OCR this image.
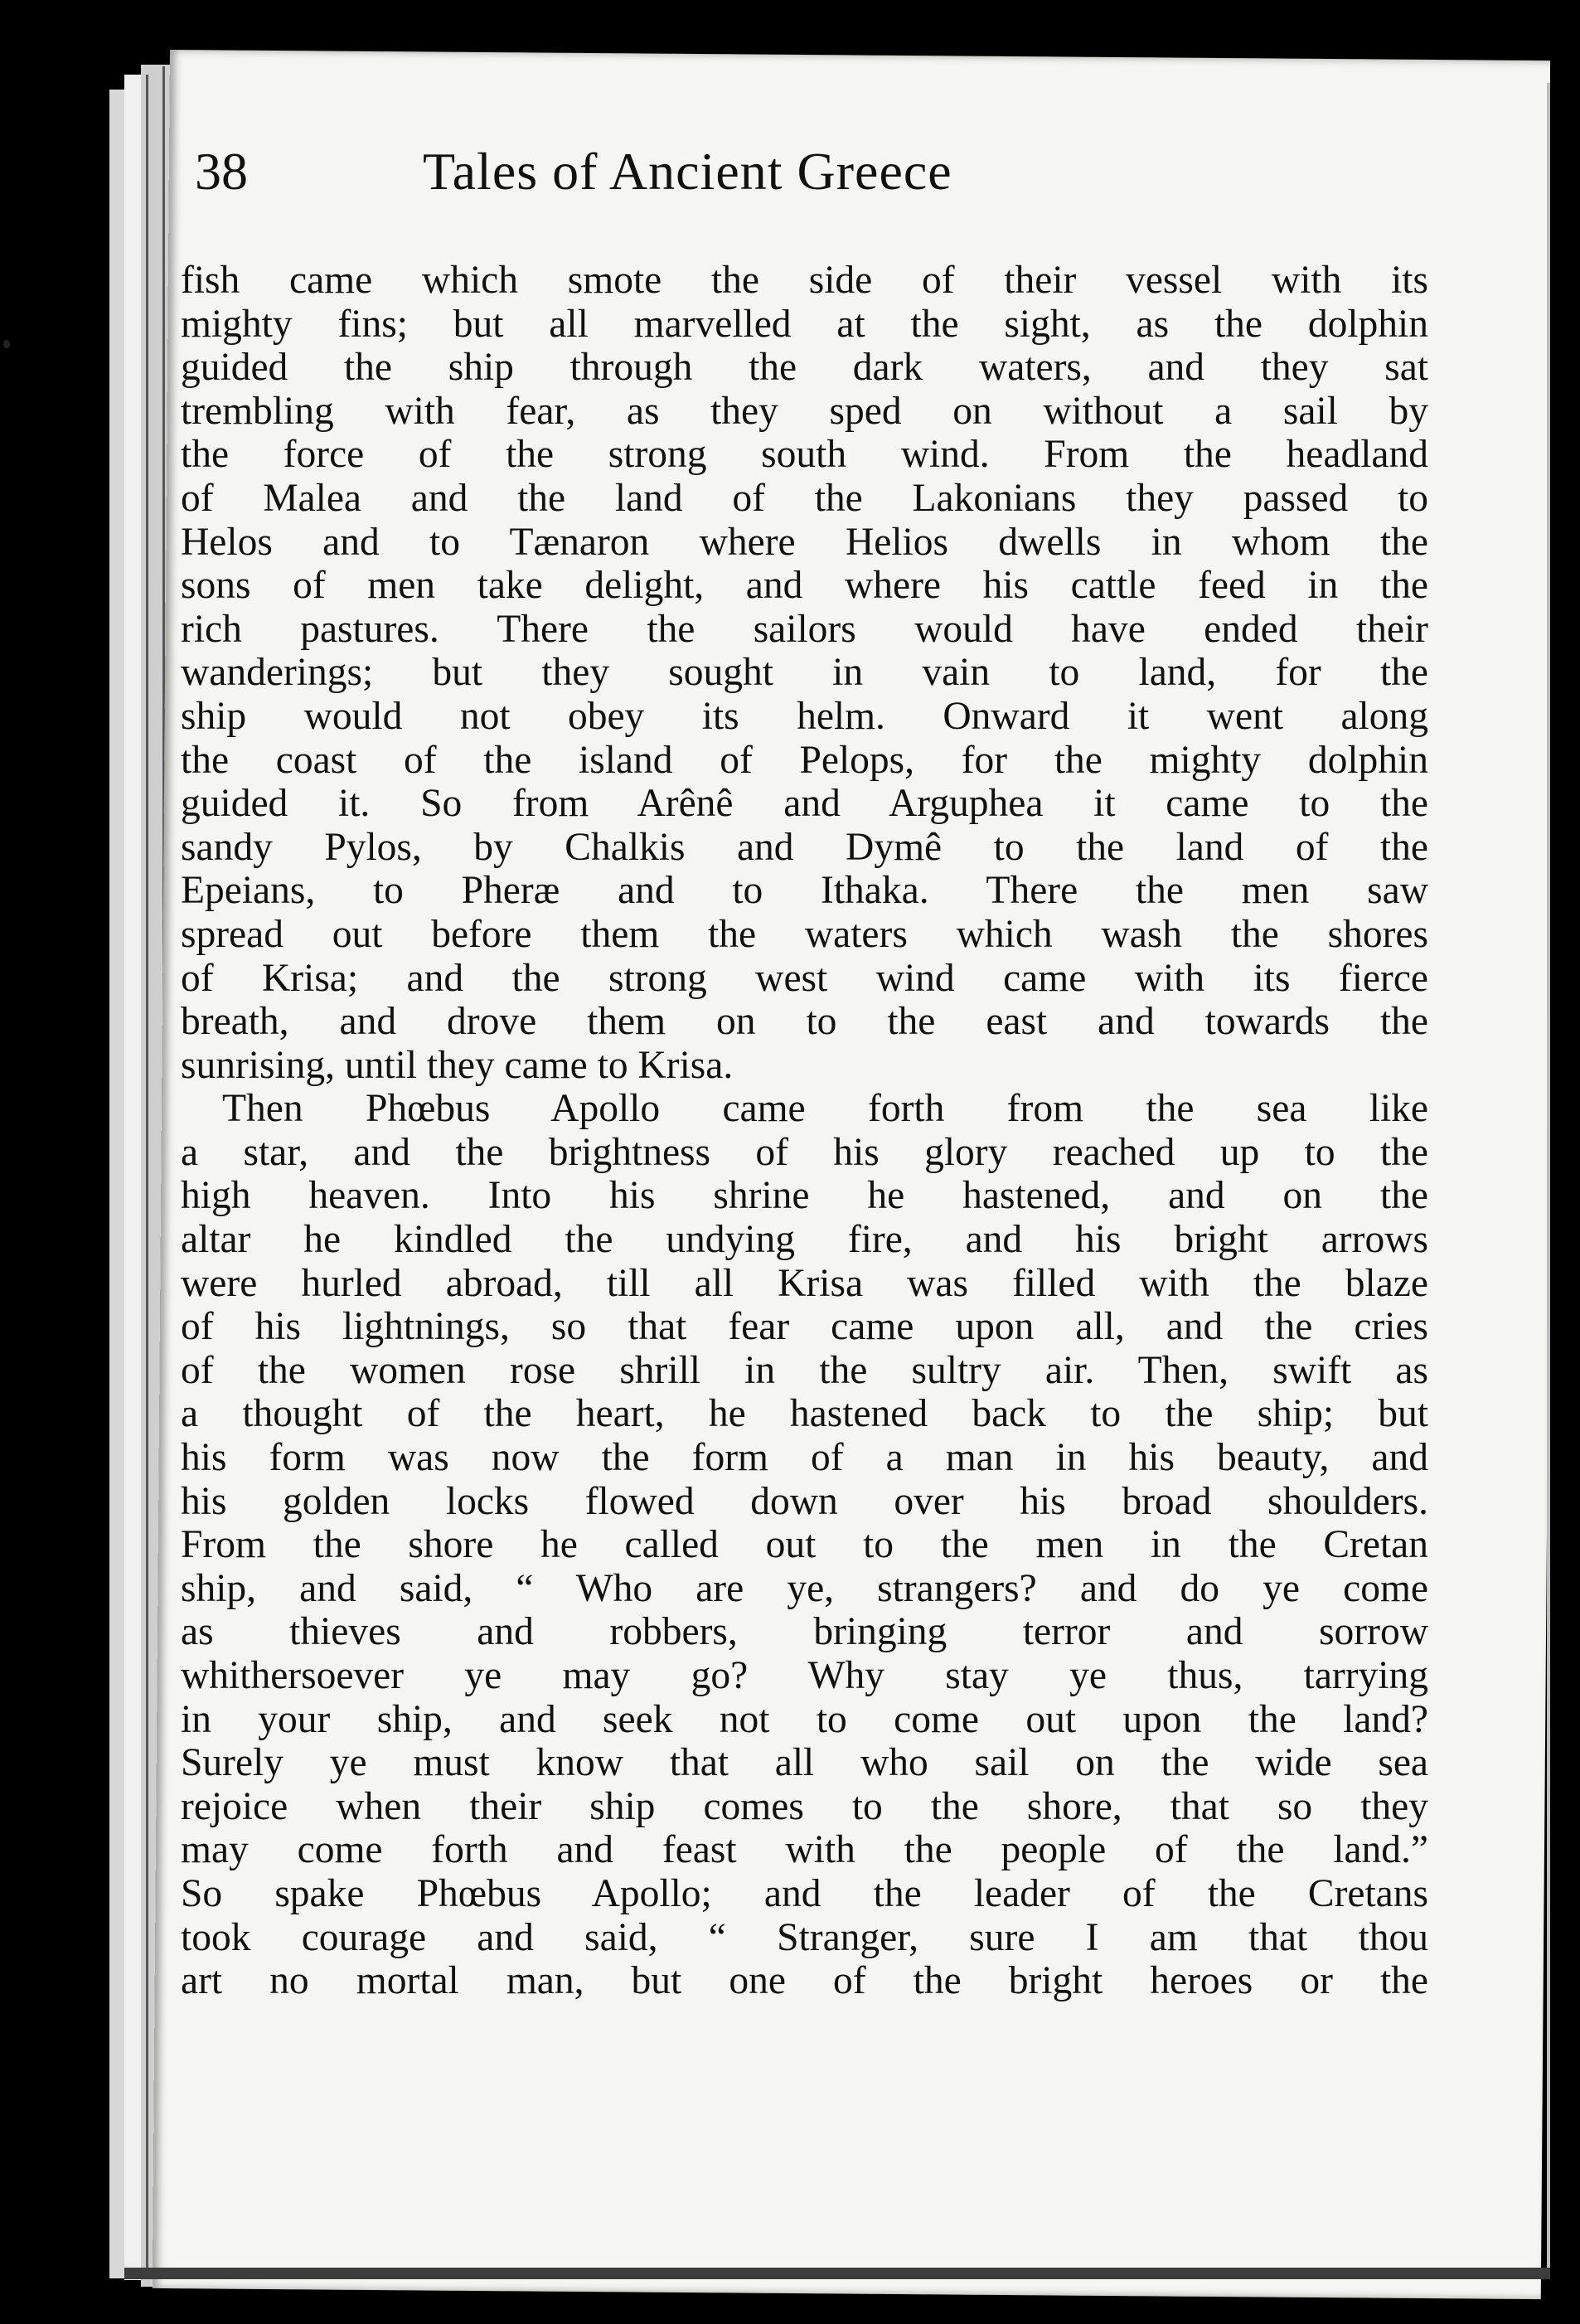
38	Tales of Ancient Greece
fish came which smote the side of their vessel with its
mighty fins; but all marvelled at the sight, as the dolphin
guided the ship through the dark waters, and they sat
trembling with fear, as they sped on without a sail by
the force of the strong south wind. From the headland
of Malea and the land of the Lakonians they passed to
Helos and to Tænaron where Helios dwells in whom the
sons of men take delight, and where his cattle feed in the
rich pastures. There the sailors would have ended their
wanderings; but they sought in vain to land, for the
ship would not obey its helm. Onward it went along
the coast of the island of Pelops, for the mighty dolphin
guided it. So from Arênê and Arguphea it came to the
sandy Pylos, by Chalkis and Dymê to the land of the
Epeians, to Pheræ and to Ithaka. There the men saw
spread out before them the waters which wash the shores
of Krisa; and the strong west wind came with its fierce
breath, and drove them on to the east and towards the
sunrising, until they came to Krisa.
Then Phœbus Apollo came forth from the sea like
a star, and the brightness of his glory reached up to the
high heaven. Into his shrine he hastened, and on the
altar he kindled the undying fire, and his bright arrows
were hurled abroad, till all Krisa was filled with the blaze
of his lightnings, so that fear came upon all, and the cries
of the women rose shrill in the sultry air. Then, swift as
a thought of the heart, he hastened back to the ship; but
his form was now the form of a man in his beauty, and
his golden locks flowed down over his broad shoulders.
From the shore he called out to the men in the Cretan
ship, and said, “ Who are ye, strangers? and do ye come
as thieves and robbers, bringing terror and sorrow
whithersoever ye may go? Why stay ye thus, tarrying
in your ship, and seek not to come out upon the land?
Surely ye must know that all who sail on the wide sea
rejoice when their ship comes to the shore, that so they
may come forth and feast with the people of the land.”
So spake Phœbus Apollo; and the leader of the Cretans
took courage and said, “ Stranger, sure I am that thou
art no mortal man, but one of the bright heroes or the
